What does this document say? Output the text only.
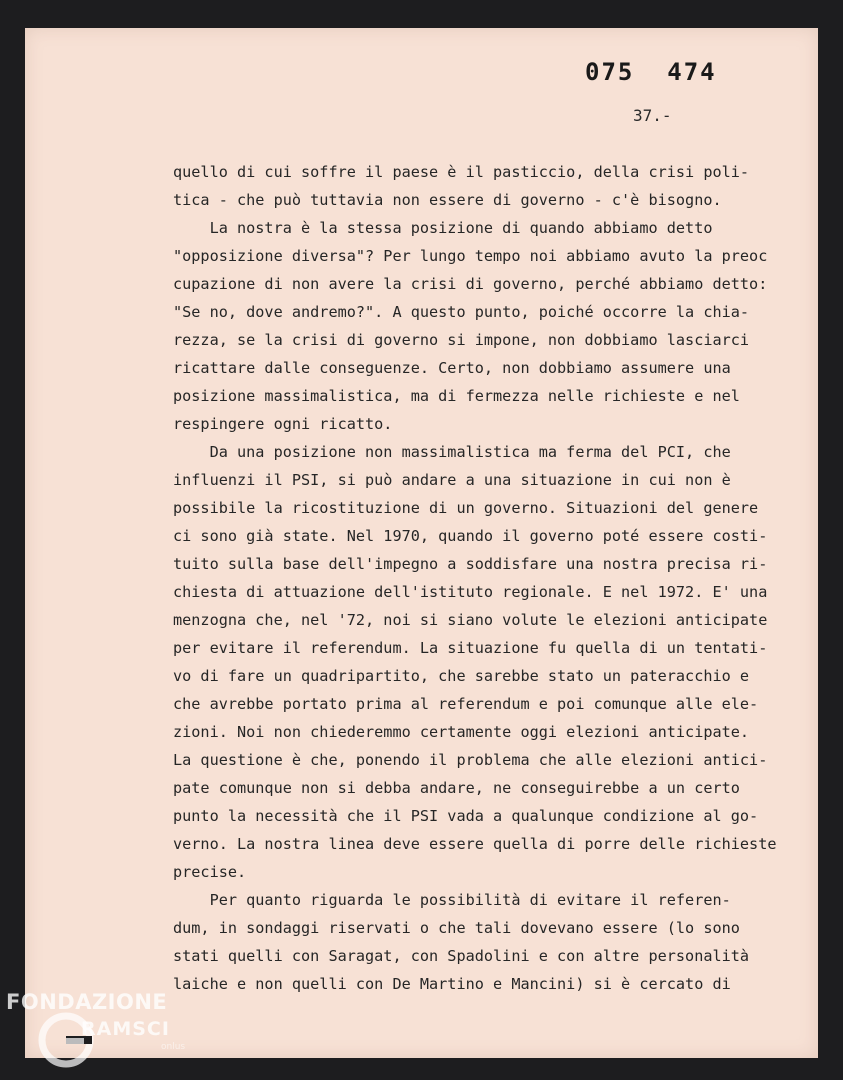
075  474
37.-
quello di cui soffre il paese è il pasticcio, della crisi poli-
tica - che può tuttavia non essere di governo - c'è bisogno.
La nostra è la stessa posizione di quando abbiamo detto
"opposizione diversa"? Per lungo tempo noi abbiamo avuto la preoc
cupazione di non avere la crisi di governo, perché abbiamo detto:
"Se no, dove andremo?". A questo punto, poiché occorre la chia-
rezza, se la crisi di governo si impone, non dobbiamo lasciarci
ricattare dalle conseguenze. Certo, non dobbiamo assumere una
posizione massimalistica, ma di fermezza nelle richieste e nel
respingere ogni ricatto.
Da una posizione non massimalistica ma ferma del PCI, che
influenzi il PSI, si può andare a una situazione in cui non è
possibile la ricostituzione di un governo. Situazioni del genere
ci sono già state. Nel 1970, quando il governo poté essere costi-
tuito sulla base dell'impegno a soddisfare una nostra precisa ri-
chiesta di attuazione dell'istituto regionale. E nel 1972. E' una
menzogna che, nel '72, noi si siano volute le elezioni anticipate
per evitare il referendum. La situazione fu quella di un tentati-
vo di fare un quadripartito, che sarebbe stato un pateracchio e
che avrebbe portato prima al referendum e poi comunque alle ele-
zioni. Noi non chiederemmo certamente oggi elezioni anticipate.
La questione è che, ponendo il problema che alle elezioni antici-
pate comunque non si debba andare, ne conseguirebbe a un certo
punto la necessità che il PSI vada a qualunque condizione al go-
verno. La nostra linea deve essere quella di porre delle richieste
precise.
Per quanto riguarda le possibilità di evitare il referen-
dum, in sondaggi riservati o che tali dovevano essere (lo sono
stati quelli con Saragat, con Spadolini e con altre personalità
laiche e non quelli con De Martino e Mancini) si è cercato di
FONDAZIONE
RAMSCI
onlus
